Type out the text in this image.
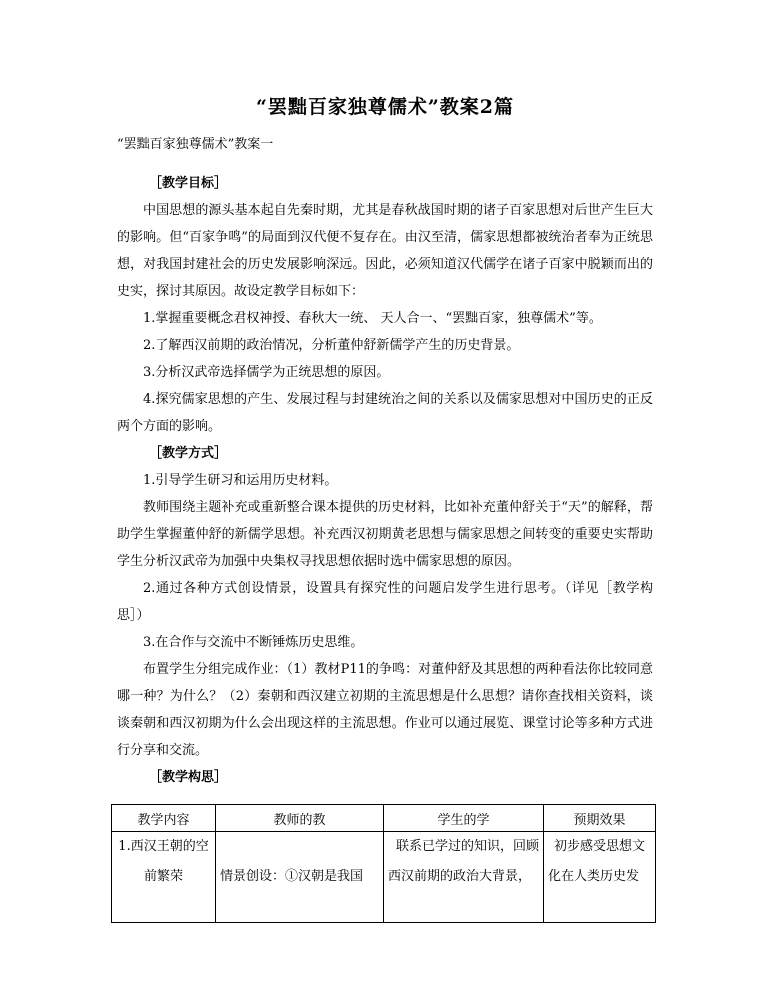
“罢黜百家独尊儒术”教案2篇
“罢黜百家独尊儒术”教案一

［教学目标］

中国思想的源头基本起自先秦时期，尤其是春秋战国时期的诸子百家思想对后世产生巨大的影响。但“百家争鸣”的局面到汉代便不复存在。由汉至清，儒家思想都被统治者奉为正统思想，对我国封建社会的历史发展影响深远。因此，必须知道汉代儒学在诸子百家中脱颖而出的史实，探讨其原因。故设定教学目标如下：

1.掌握重要概念君权神授、春秋大一统、 天人合一、“罢黜百家，独尊儒术”等。

2.了解西汉前期的政治情况，分析董仲舒新儒学产生的历史背景。

3.分析汉武帝选择儒学为正统思想的原因。

4.探究儒家思想的产生、发展过程与封建统治之间的关系以及儒家思想对中国历史的正反两个方面的影响。

［教学方式］

1.引导学生研习和运用历史材料。

教师围绕主题补充或重新整合课本提供的历史材料，比如补充董仲舒关于“天”的解释，帮助学生掌握董仲舒的新儒学思想。补充西汉初期黄老思想与儒家思想之间转变的重要史实帮助学生分析汉武帝为加强中央集权寻找思想依据时选中儒家思想的原因。

2.通过各种方式创设情景，设置具有探究性的问题启发学生进行思考。（详见［教学构思］）

3.在合作与交流中不断锤炼历史思维。

布置学生分组完成作业：（1）教材P11的争鸣：对董仲舒及其思想的两种看法你比较同意哪一种？为什么？（2）秦朝和西汉建立初期的主流思想是什么思想？请你查找相关资料，谈谈秦朝和西汉初期为什么会出现这样的主流思想。作业可以通过展览、课堂讨论等多种方式进行分享和交流。

［教学构思］

教学内容	教师的教	学生的学	预期效果
1.西汉王朝的空前繁荣	情景创设：①汉朝是我国	联系已学过的知识，回顾西汉前期的政治大背景，	初步感受思想文化在人类历史发
